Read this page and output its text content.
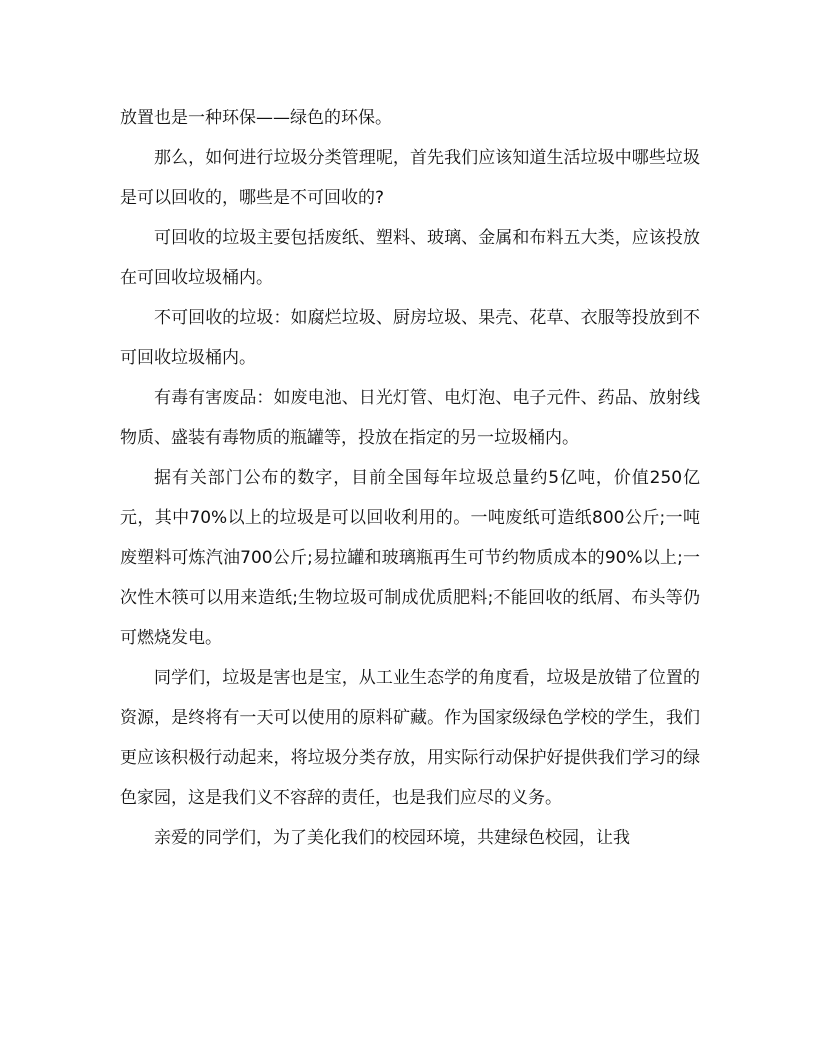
放置也是一种环保——绿色的环保。

那么，如何进行垃圾分类管理呢，首先我们应该知道生活垃圾中哪些垃圾是可以回收的，哪些是不可回收的?

可回收的垃圾主要包括废纸、塑料、玻璃、金属和布料五大类，应该投放在可回收垃圾桶内。

不可回收的垃圾：如腐烂垃圾、厨房垃圾、果壳、花草、衣服等投放到不可回收垃圾桶内。

有毒有害废品：如废电池、日光灯管、电灯泡、电子元件、药品、放射线物质、盛装有毒物质的瓶罐等，投放在指定的另一垃圾桶内。

据有关部门公布的数字，目前全国每年垃圾总量约5亿吨，价值250亿元，其中70%以上的垃圾是可以回收利用的。一吨废纸可造纸800公斤;一吨废塑料可炼汽油700公斤;易拉罐和玻璃瓶再生可节约物质成本的90%以上;一次性木筷可以用来造纸;生物垃圾可制成优质肥料;不能回收的纸屑、布头等仍可燃烧发电。

同学们，垃圾是害也是宝，从工业生态学的角度看，垃圾是放错了位置的资源，是终将有一天可以使用的原料矿藏。作为国家级绿色学校的学生，我们更应该积极行动起来，将垃圾分类存放，用实际行动保护好提供我们学习的绿色家园，这是我们义不容辞的责任，也是我们应尽的义务。

亲爱的同学们，为了美化我们的校园环境，共建绿色校园，让我
